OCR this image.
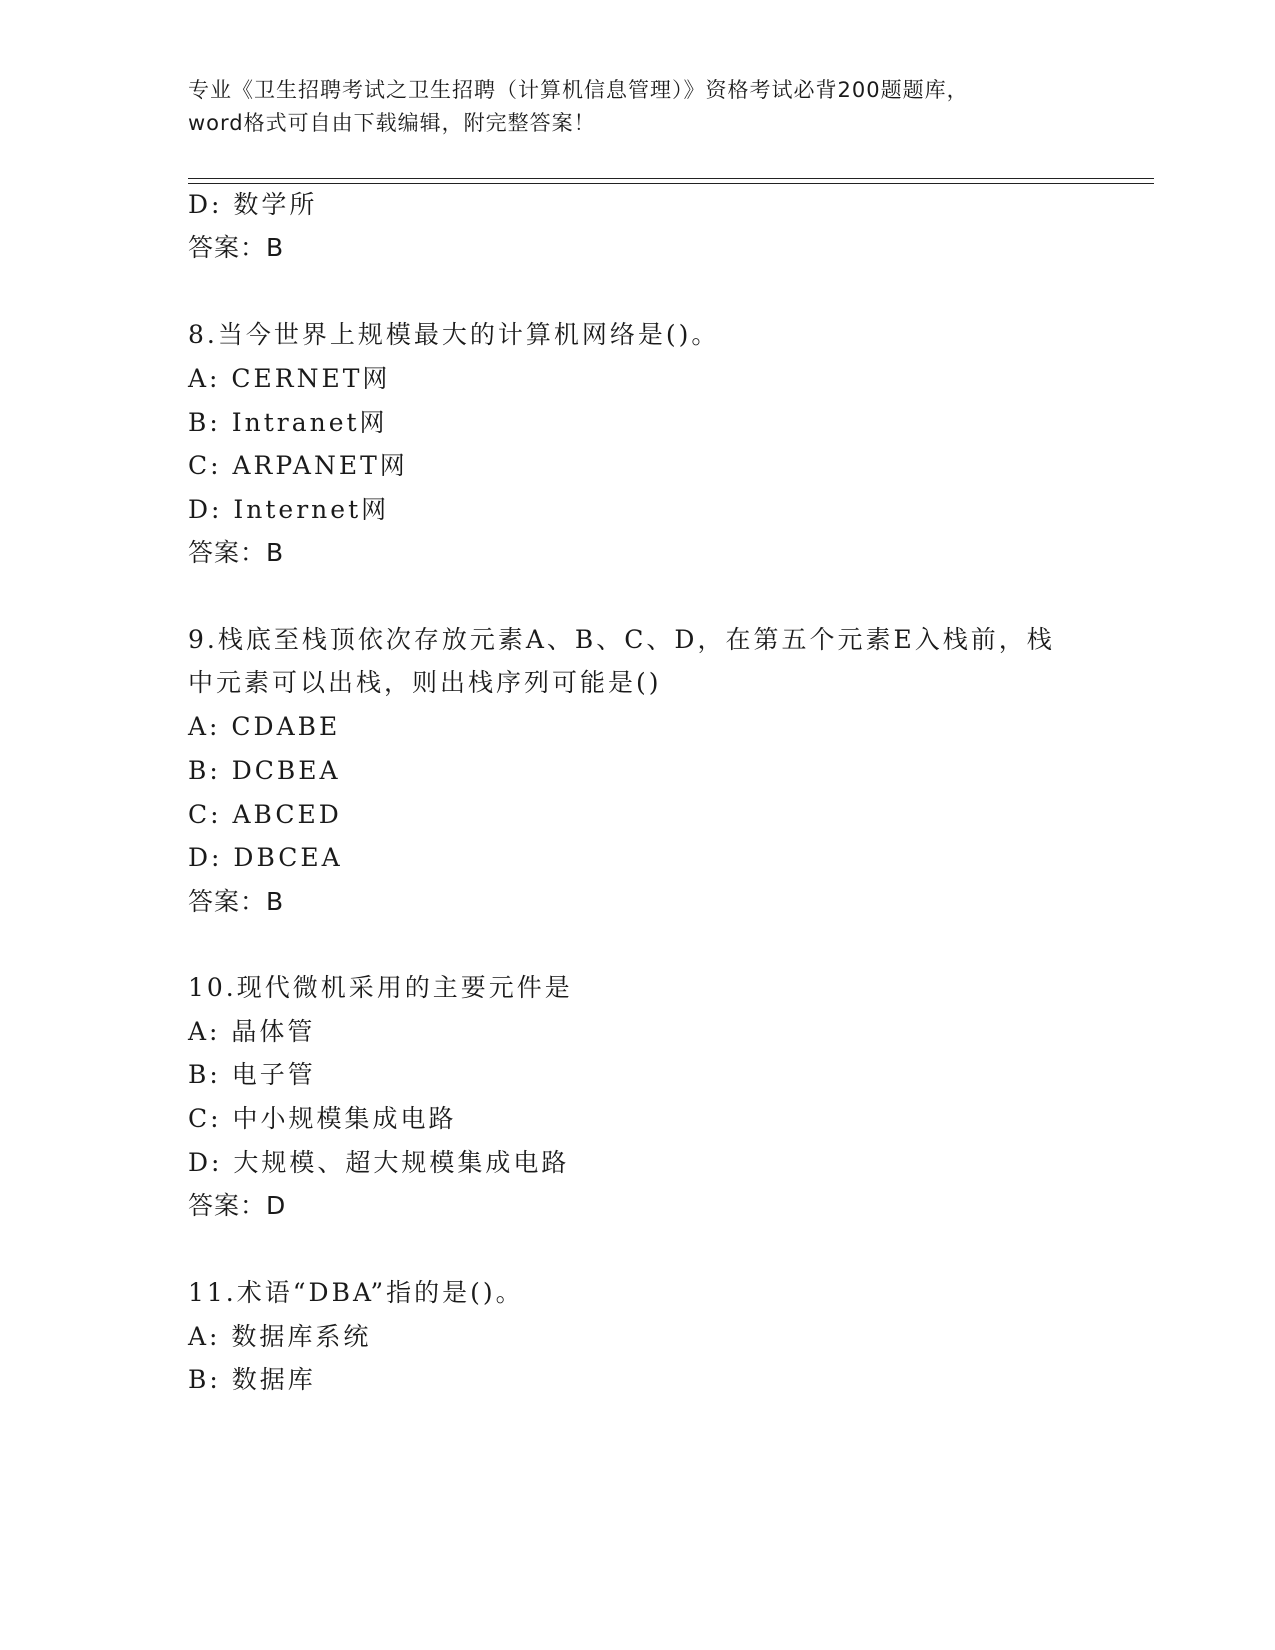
专业《卫生招聘考试之卫生招聘（计算机信息管理）》资格考试必背200题题库，
word格式可自由下载编辑，附完整答案！
D: 数学所
答案：B
8.当今世界上规模最大的计算机网络是()。
A: CERNET网
B: Intranet网
C: ARPANET网
D: Internet网
答案：B
9.栈底至栈顶依次存放元素A、B、C、D，在第五个元素E入栈前，栈
中元素可以出栈，则出栈序列可能是()
A: CDABE
B: DCBEA
C: ABCED
D: DBCEA
答案：B
10.现代微机采用的主要元件是
A: 晶体管
B: 电子管
C: 中小规模集成电路
D: 大规模、超大规模集成电路
答案：D
11.术语“DBA”指的是()。
A: 数据库系统
B: 数据库
